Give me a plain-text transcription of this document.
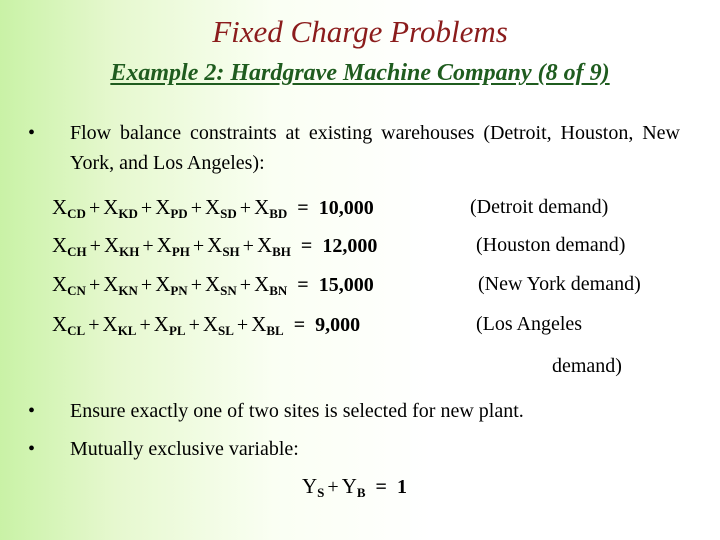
Fixed Charge Problems
Example 2: Hardgrave Machine Company (8 of 9)
• Flow balance constraints at existing warehouses (Detroit, Houston, New York, and Los Angeles):
$X_{CD} + X_{KD} + X_{PD} + X_{SD} + X_{BD} = 10,000$	(Detroit demand)
$X_{CH} + X_{KH} + X_{PH} + X_{SH} + X_{BH} = 12,000$	(Houston demand)
$X_{CN} + X_{KN} + X_{PN} + X_{SN} + X_{BN} = 15,000$	(New York demand)
$X_{CL} + X_{KL} + X_{PL} + X_{SL} + X_{BL} = 9,000$	(Los Angeles
demand)
• Ensure exactly one of two sites is selected for new plant.
• Mutually exclusive variable:
$Y_S + Y_B = 1$
